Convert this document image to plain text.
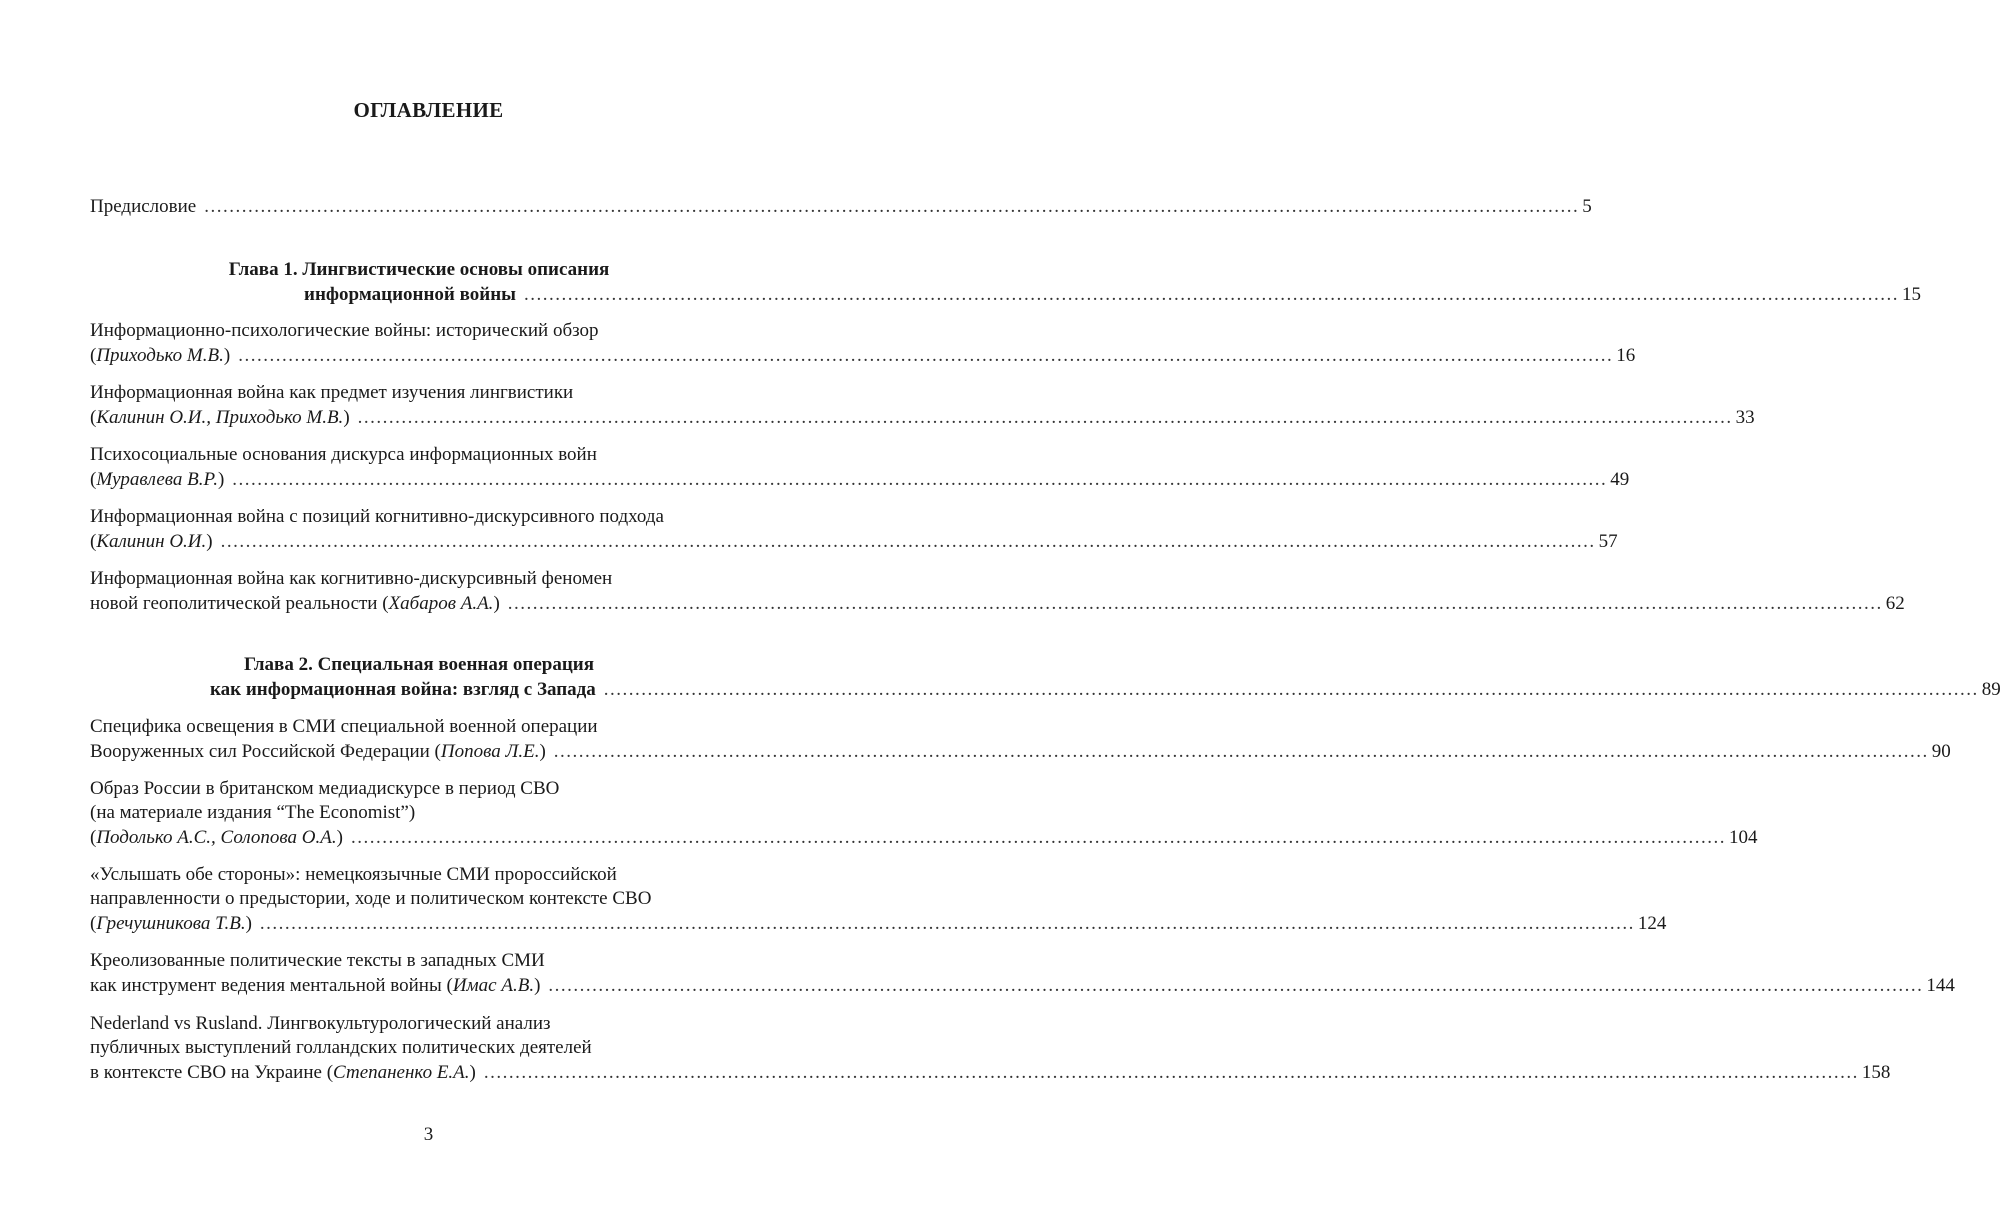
ОГЛАВЛЕНИЕ
Предисловие ............................................................................................................................................................................................................................ 5
Глава 1. Лингвистические основы описания
информационной войны ............................................................................................................................................................................................................................ 15
Информационно-психологические войны: исторический обзор
(Приходько М.В.) ............................................................................................................................................................................................................................ 16
Информационная война как предмет изучения лингвистики
(Калинин О.И., Приходько М.В.) ............................................................................................................................................................................................................................ 33
Психосоциальные основания дискурса информационных войн
(Муравлева В.Р.) ............................................................................................................................................................................................................................ 49
Информационная война с позиций когнитивно-дискурсивного подхода
(Калинин О.И.) ............................................................................................................................................................................................................................ 57
Информационная война как когнитивно-дискурсивный феномен
новой геополитической реальности (Хабаров А.А.) ............................................................................................................................................................................................................................ 62
Глава 2. Специальная военная операция
как информационная война: взгляд с Запада ............................................................................................................................................................................................................................ 89
Специфика освещения в СМИ специальной военной операции
Вооруженных сил Российской Федерации (Попова Л.Е.) ............................................................................................................................................................................................................................ 90
Образ России в британском медиадискурсе в период СВО
(на материале издания “The Economist”)
(Подолько А.С., Солопова О.А.) ............................................................................................................................................................................................................................ 104
«Услышать обе стороны»: немецкоязычные СМИ пророссийской
направленности о предыстории, ходе и политическом контексте СВО
(Гречушникова Т.В.) ............................................................................................................................................................................................................................ 124
Креолизованные политические тексты в западных СМИ
как инструмент ведения ментальной войны (Имас А.В.) ............................................................................................................................................................................................................................ 144
Nederland vs Rusland. Лингвокультурологический анализ
публичных выступлений голландских политических деятелей
в контексте СВО на Украине (Степаненко Е.А.) ............................................................................................................................................................................................................................ 158
3
